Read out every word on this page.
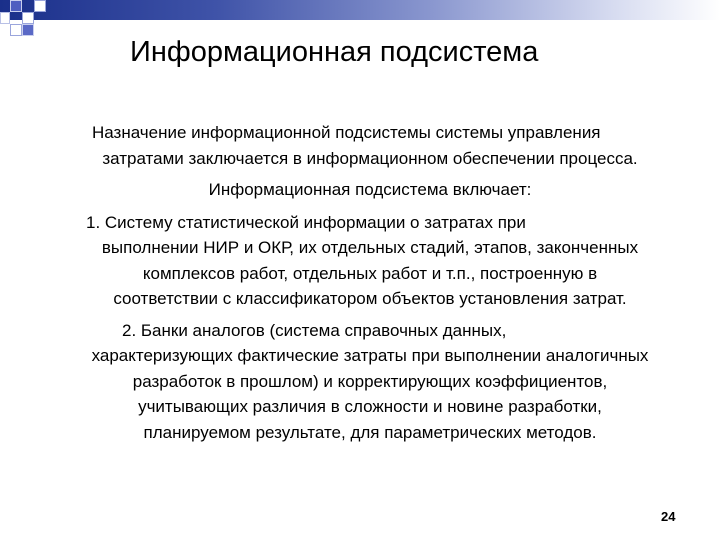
Информационная подсистема
Назначение информационной подсистемы системы управления
затратами заключается в информационном обеспечении процесса.
Информационная подсистема включает:
1. Систему статистической информации о затратах при
выполнении НИР и ОКР, их отдельных стадий, этапов, законченных
комплексов работ, отдельных работ и т.п., построенную в
соответствии с классификатором объектов установления затрат.
2. Банки аналогов (система справочных данных,
характеризующих фактические затраты при выполнении аналогичных
разработок в прошлом) и корректирующих коэффициентов,
учитывающих различия в сложности и новине разработки,
планируемом результате, для параметрических методов.
24
